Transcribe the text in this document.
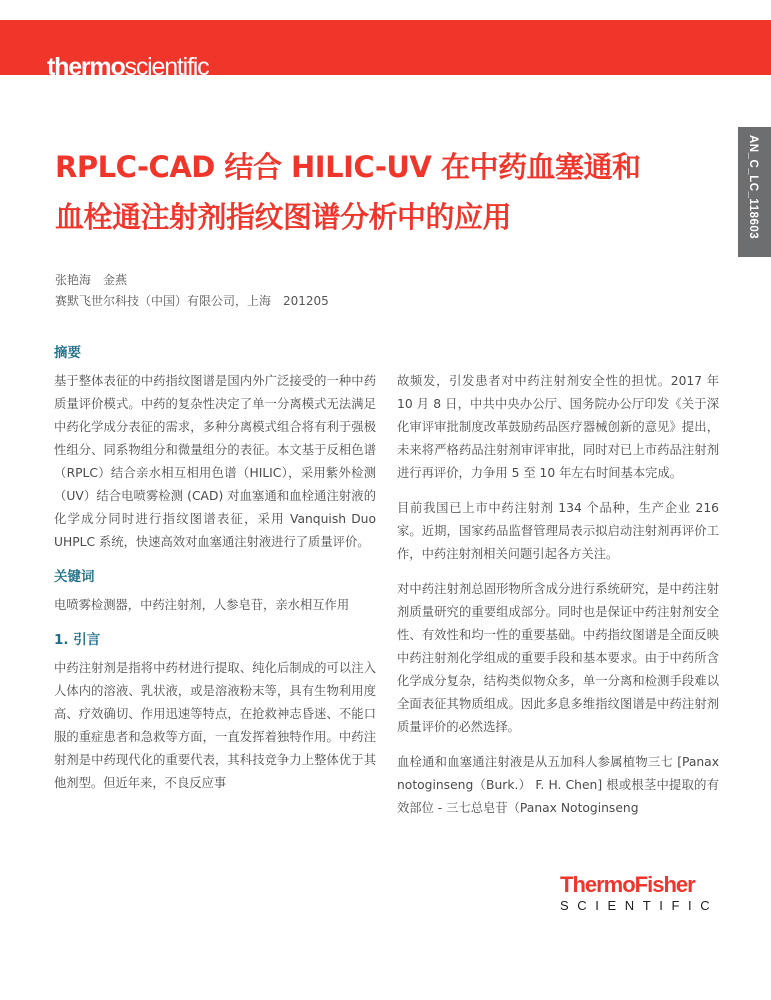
thermoscientific
AN_C_LC_118603
RPLC-CAD 结合 HILIC-UV 在中药血塞通和
血栓通注射剂指纹图谱分析中的应用
张艳海　金燕
赛默飞世尔科技（中国）有限公司，上海　201205
摘要

基于整体表征的中药指纹图谱是国内外广泛接受的一种中药质量评价模式。中药的复杂性决定了单一分离模式无法满足中药化学成分表征的需求，多种分离模式组合将有利于强极性组分、同系物组分和微量组分的表征。本文基于反相色谱（RPLC）结合亲水相互相用色谱（HILIC），采用紫外检测（UV）结合电喷雾检测 (CAD) 对血塞通和血栓通注射液的化学成分同时进行指纹图谱表征，采用 Vanquish Duo UHPLC 系统，快速高效对血塞通注射液进行了质量评价。

关键词

电喷雾检测器，中药注射剂，人参皂苷，亲水相互作用

1. 引言

中药注射剂是指将中药材进行提取、纯化后制成的可以注入人体内的溶液、乳状液，或是溶液粉末等，具有生物利用度高、疗效确切、作用迅速等特点，在抢救神志昏迷、不能口服的重症患者和急救等方面，一直发挥着独特作用。中药注射剂是中药现代化的重要代表，其科技竞争力上整体优于其他剂型。但近年来，不良反应事

故频发，引发患者对中药注射剂安全性的担忧。2017 年 10 月 8 日，中共中央办公厅、国务院办公厅印发《关于深化审评审批制度改革鼓励药品医疗器械创新的意见》提出，未来将严格药品注射剂审评审批，同时对已上市药品注射剂进行再评价，力争用 5 至 10 年左右时间基本完成。

目前我国已上市中药注射剂 134 个品种，生产企业 216 家。近期，国家药品监督管理局表示拟启动注射剂再评价工作，中药注射剂相关问题引起各方关注。

对中药注射剂总固形物所含成分进行系统研究，是中药注射剂质量研究的重要组成部分。同时也是保证中药注射剂安全性、有效性和均一性的重要基础。中药指纹图谱是全面反映中药注射剂化学组成的重要手段和基本要求。由于中药所含化学成分复杂，结构类似物众多，单一分离和检测手段难以全面表征其物质组成。因此多息多维指纹图谱是中药注射剂质量评价的必然选择。

血栓通和血塞通注射液是从五加科人参属植物三七 [Panax notoginseng（Burk.） F. H. Chen] 根或根茎中提取的有效部位 - 三七总皂苷（Panax Notoginseng

ThermoFisher
SCIENTIFIC
